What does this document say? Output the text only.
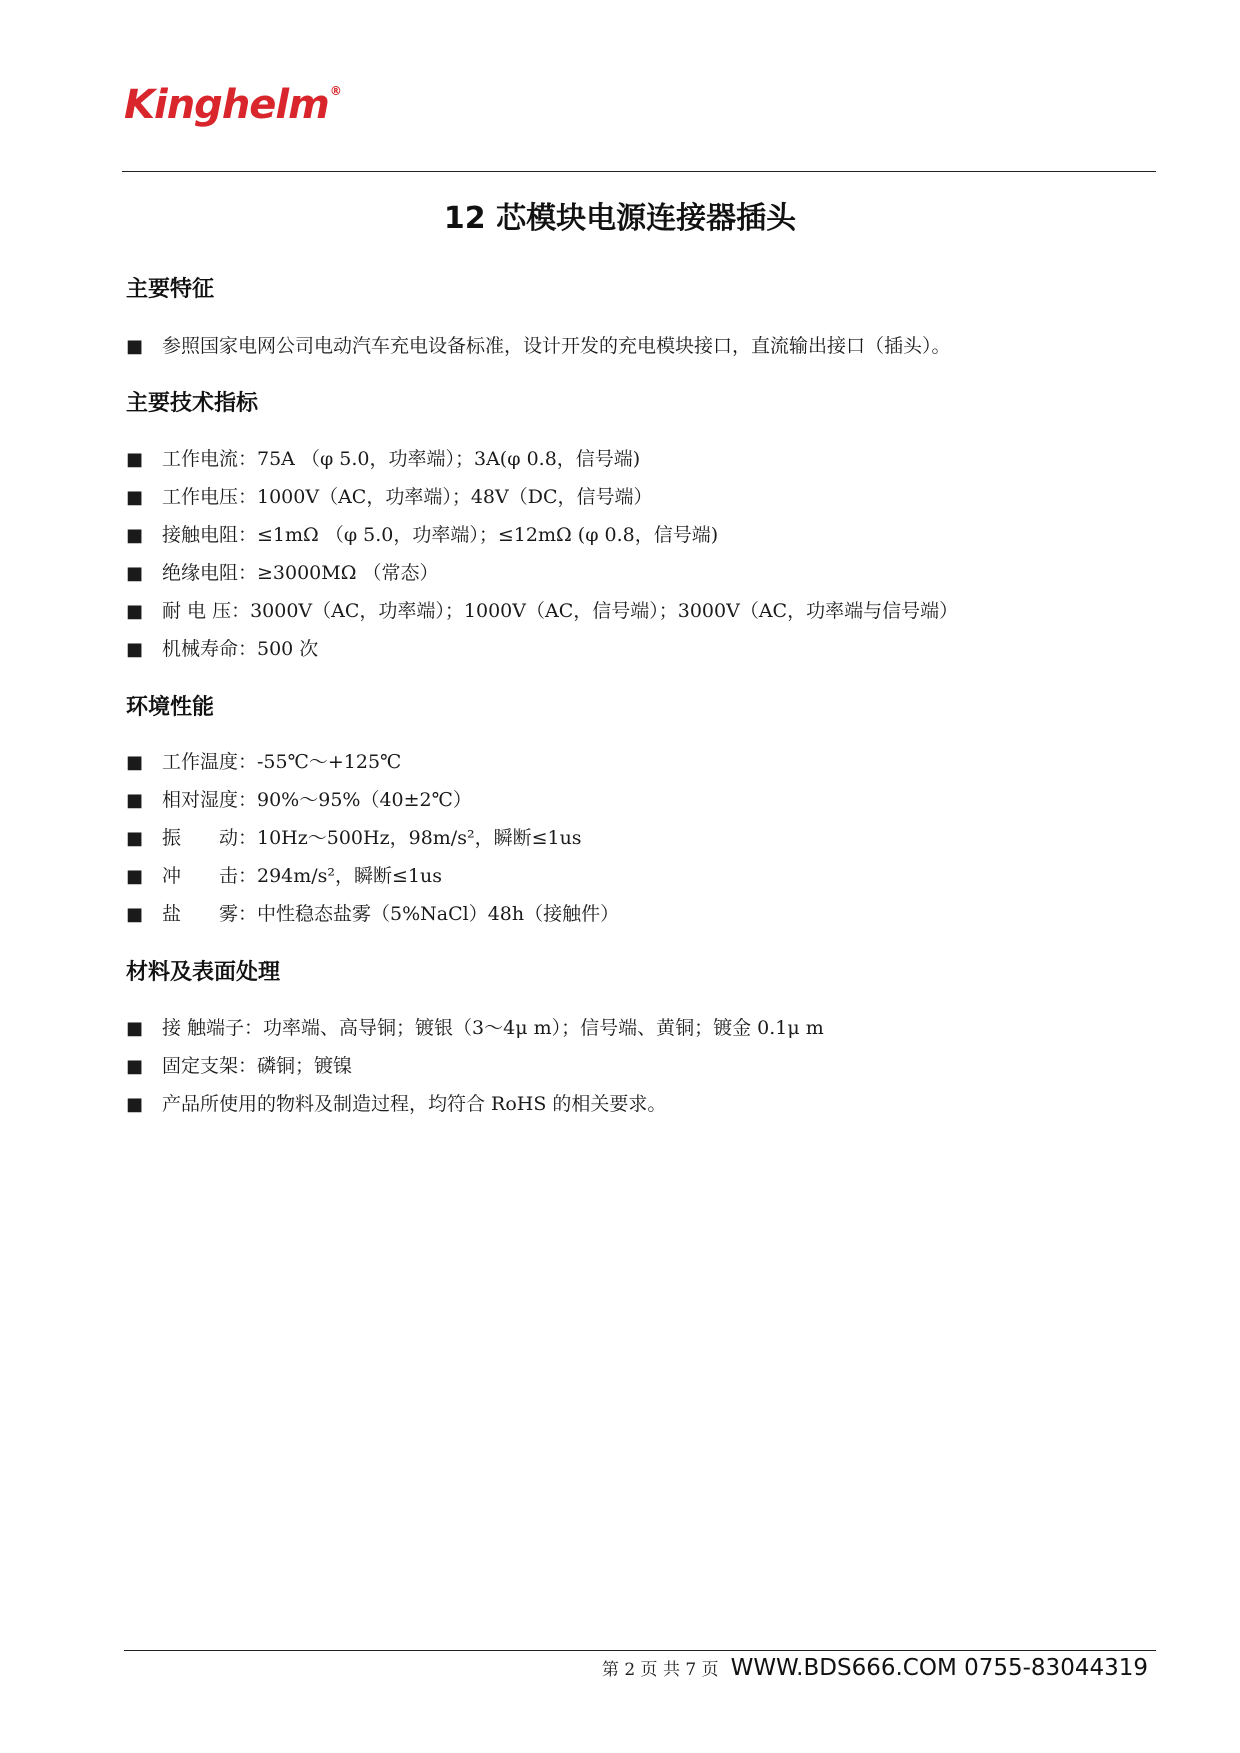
Kinghelm®
12 芯模块电源连接器插头
主要特征
■ 参照国家电网公司电动汽车充电设备标准，设计开发的充电模块接口，直流输出接口（插头）。
主要技术指标
■ 工作电流：75A （φ 5.0，功率端）；3A(φ 0.8，信号端)
■ 工作电压：1000V（AC，功率端）；48V（DC，信号端）
■ 接触电阻：≤1mΩ （φ 5.0，功率端）；≤12mΩ (φ 0.8，信号端)
■ 绝缘电阻：≥3000MΩ （常态）
■ 耐 电 压：3000V（AC，功率端）；1000V（AC，信号端）；3000V（AC，功率端与信号端）
■ 机械寿命：500 次
环境性能
■ 工作温度：-55℃～+125℃
■ 相对湿度：90%～95%（40±2℃）
■ 振　　动：10Hz～500Hz，98m/s²，瞬断≤1us
■ 冲　　击：294m/s²，瞬断≤1us
■ 盐　　雾：中性稳态盐雾（5%NaCl）48h（接触件）
材料及表面处理
■ 接 触端子：功率端、高导铜；镀银（3～4μ m）；信号端、黄铜；镀金 0.1μ m
■ 固定支架：磷铜；镀镍
■ 产品所使用的物料及制造过程，均符合 RoHS 的相关要求。
第 2 页 共 7 页 WWW.BDS666.COM 0755-83044319
